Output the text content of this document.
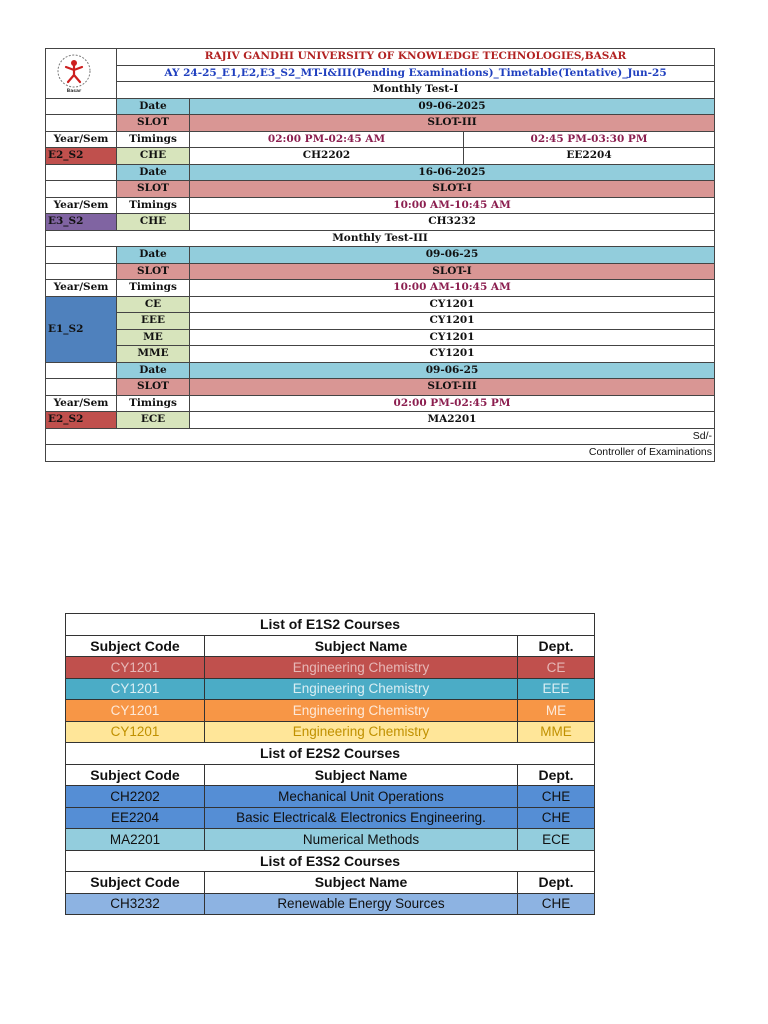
Basar	RAJIV GANDHI UNIVERSITY OF KNOWLEDGE TECHNOLOGIES,BASAR		
	AY 24-25_E1,E2,E3_S2_MT-I&III(Pending Examinations)_Timetable(Tentative)_Jun-25		
	Monthly Test-I		
	Date	09-06-2025	
	SLOT	SLOT-III	
Year/Sem	Timings	02:00 PM-02:45 AM	02:45 PM-03:30 PM
E2_S2	CHE	CH2202	EE2204
	Date	16-06-2025	
	SLOT	SLOT-I	
Year/Sem	Timings	10:00 AM-10:45 AM	
E3_S2	CHE	CH3232	
Monthly Test-III			
	Date	09-06-25	
	SLOT	SLOT-I	
Year/Sem	Timings	10:00 AM-10:45 AM	
E1_S2	CE	CY1201	
	EEE	CY1201	
	ME	CY1201	
	MME	CY1201	
	Date	09-06-25	
	SLOT	SLOT-III	
Year/Sem	Timings	02:00 PM-02:45 PM	
E2_S2	ECE	MA2201	
Sd/-			
Controller of Examinations			
List of E1S2 Courses		
Subject Code	Subject Name	Dept.
CY1201	Engineering Chemistry	CE
CY1201	Engineering Chemistry	EEE
CY1201	Engineering Chemistry	ME
CY1201	Engineering Chemistry	MME
List of E2S2 Courses		
Subject Code	Subject Name	Dept.
CH2202	Mechanical Unit Operations	CHE
EE2204	Basic Electrical& Electronics Engineering.	CHE
MA2201	Numerical Methods	ECE
List of E3S2 Courses		
Subject Code	Subject Name	Dept.
CH3232	Renewable Energy Sources	CHE
